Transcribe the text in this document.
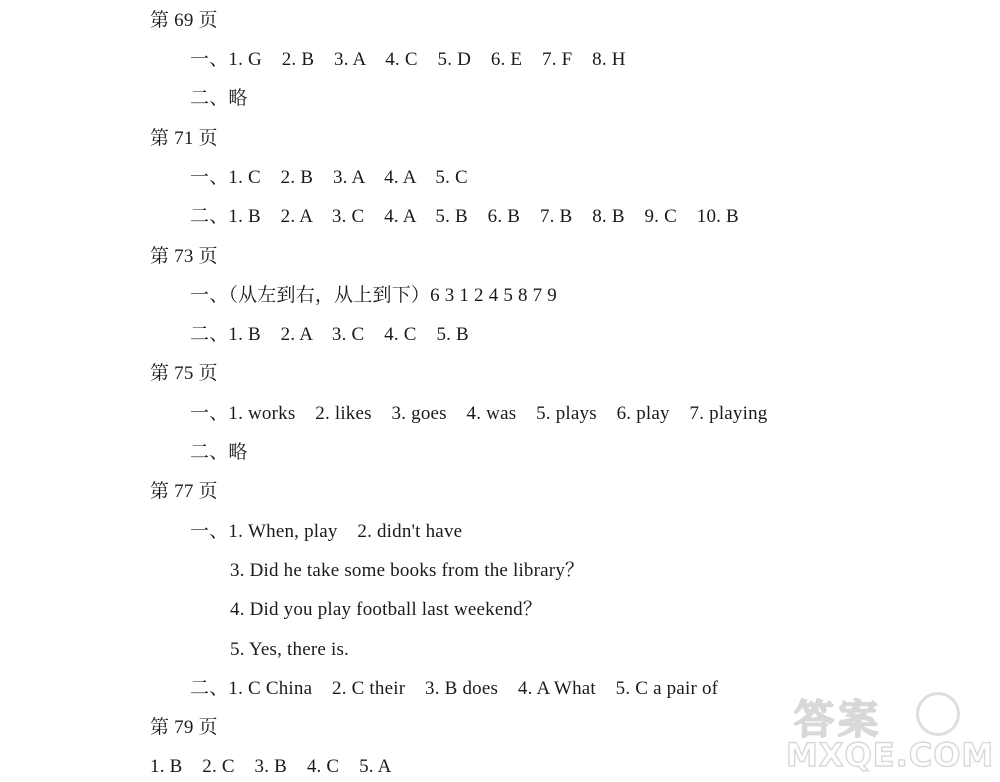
第 69 页
一、1. G    2. B    3. A    4. C    5. D    6. E    7. F    8. H
二、略
第 71 页
一、1. C    2. B    3. A    4. A    5. C
二、1. B    2. A    3. C    4. A    5. B    6. B    7. B    8. B    9. C    10. B
第 73 页
一、（从左到右，从上到下）6 3 1 2 4 5 8 7 9
二、1. B    2. A    3. C    4. C    5. B
第 75 页
一、1. works    2. likes    3. goes    4. was    5. plays    6. play    7. playing
二、略
第 77 页
一、1. When, play    2. didn't have
3. Did he take some books from the library？
4. Did you play football last weekend？
5. Yes, there is.
二、1. C China    2. C their    3. B does    4. A What    5. C a pair of
第 79 页
1. B    2. C    3. B    4. C    5. A
答案
MXQE.COM
